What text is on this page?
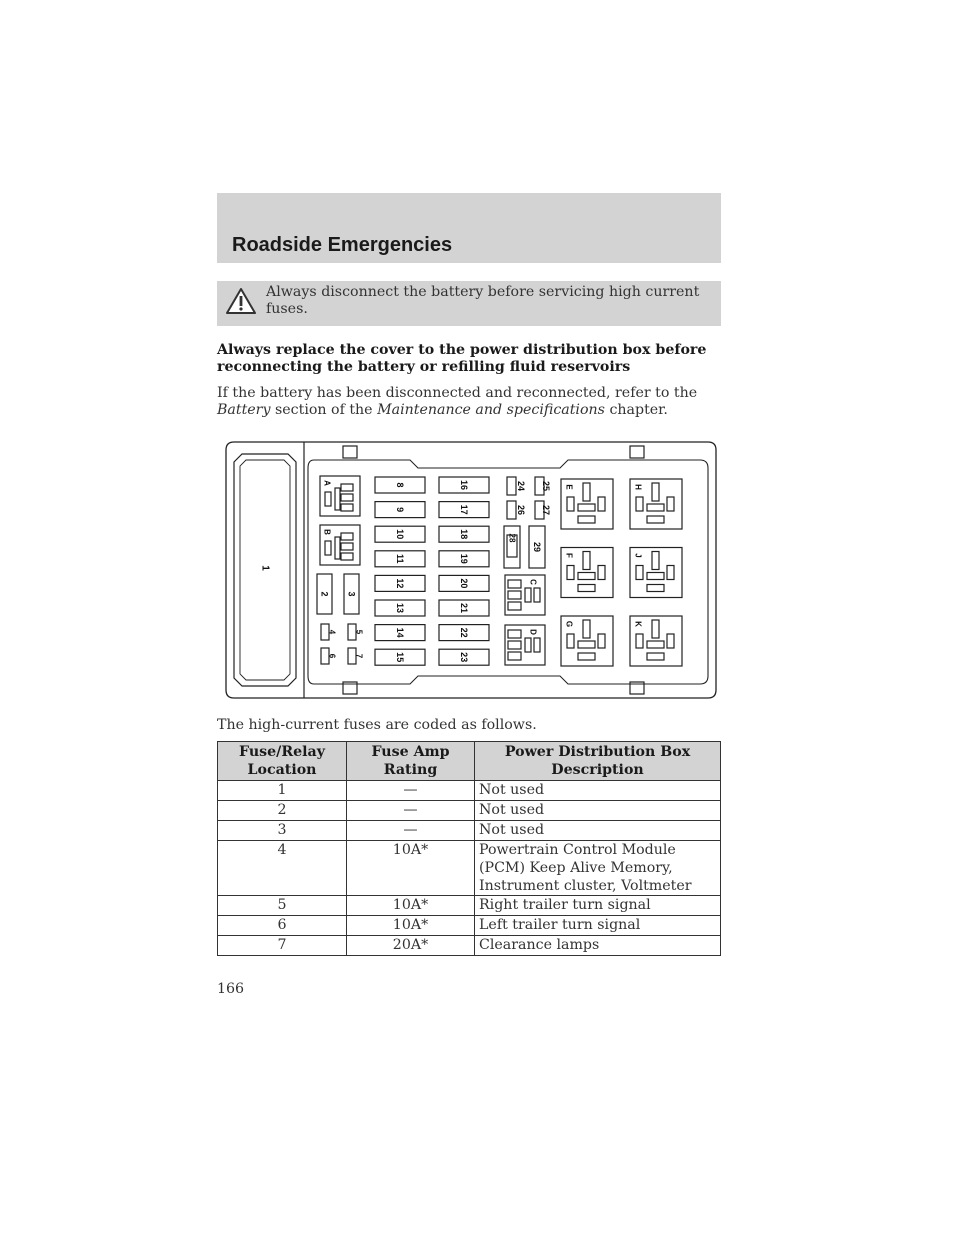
Roadside Emergencies
Always disconnect the battery before servicing high current fuses.

Always replace the cover to the power distribution box before reconnecting the battery or refilling fluid reservoirs

If the battery has been disconnected and reconnected, refer to the Battery section of the Maintenance and specifications chapter.

1
A
B
2 3
4 5
6 7
8
9
10
11
12
13
14
15
16
17
18
19
20
21
22
23
24 25
26 27
28
29
C
D
E
F
G
H
J
K

The high-current fuses are coded as follows.

Fuse/Relay Location	Fuse Amp Rating	Power Distribution Box Description
1	—	Not used
2	—	Not used
3	—	Not used
4	10A*	Powertrain Control Module (PCM) Keep Alive Memory, Instrument cluster, Voltmeter
5	10A*	Right trailer turn signal
6	10A*	Left trailer turn signal
7	20A*	Clearance lamps

166
